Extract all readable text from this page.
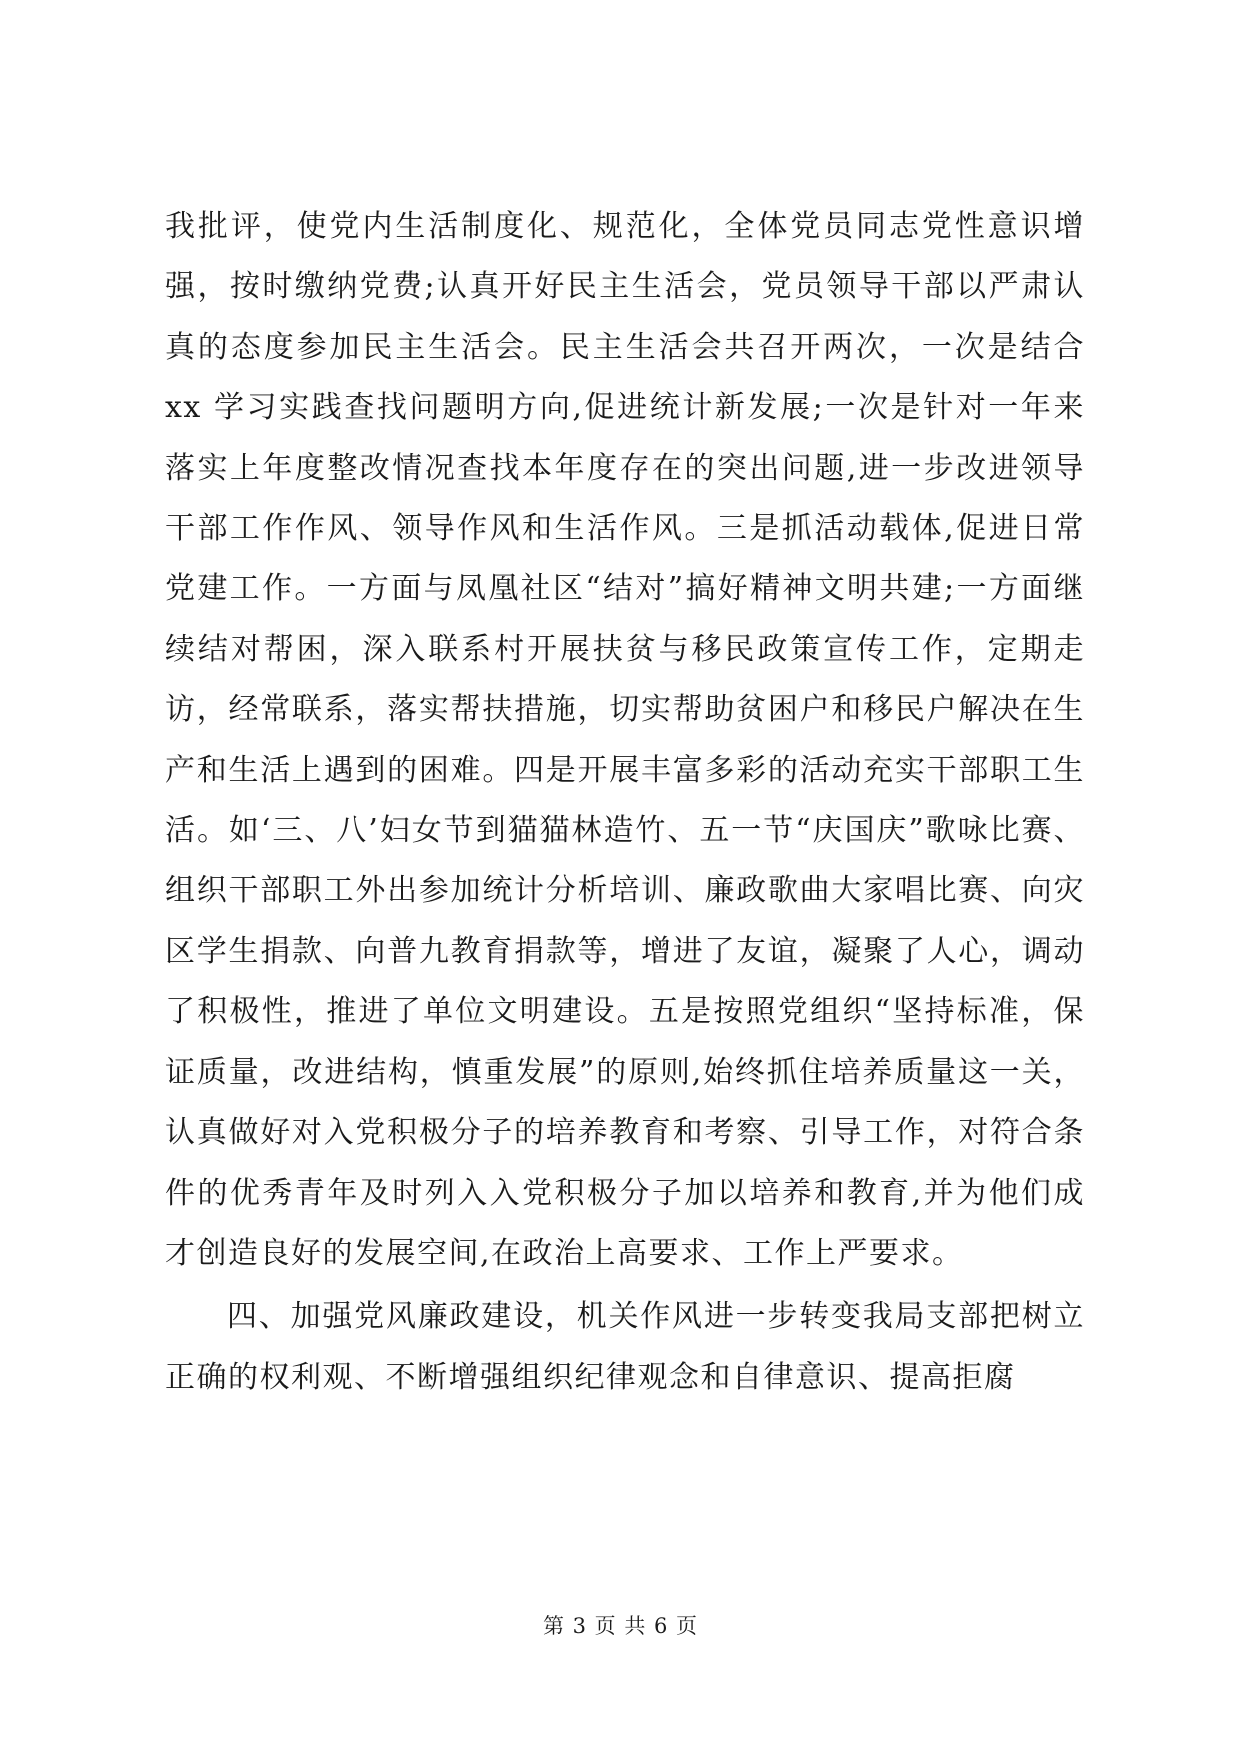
我批评，使党内生活制度化、规范化，全体党员同志党性意识增强，按时缴纳党费;认真开好民主生活会，党员领导干部以严肃认真的态度参加民主生活会。民主生活会共召开两次，一次是结合 xx 学习实践查找问题明方向,促进统计新发展;一次是针对一年来落实上年度整改情况查找本年度存在的突出问题,进一步改进领导干部工作作风、领导作风和生活作风。三是抓活动载体,促进日常党建工作。一方面与凤凰社区“结对”搞好精神文明共建;一方面继续结对帮困，深入联系村开展扶贫与移民政策宣传工作，定期走访，经常联系，落实帮扶措施，切实帮助贫困户和移民户解决在生产和生活上遇到的困难。四是开展丰富多彩的活动充实干部职工生活。如‘三、八’妇女节到猫猫林造竹、五一节“庆国庆”歌咏比赛、组织干部职工外出参加统计分析培训、廉政歌曲大家唱比赛、向灾区学生捐款、向普九教育捐款等，增进了友谊，凝聚了人心，调动了积极性，推进了单位文明建设。五是按照党组织“坚持标准，保证质量，改进结构，慎重发展”的原则,始终抓住培养质量这一关，认真做好对入党积极分子的培养教育和考察、引导工作，对符合条件的优秀青年及时列入入党积极分子加以培养和教育,并为他们成才创造良好的发展空间,在政治上高要求、工作上严要求。

四、加强党风廉政建设，机关作风进一步转变我局支部把树立正确的权利观、不断增强组织纪律观念和自律意识、提高拒腐

第 3 页 共 6 页
